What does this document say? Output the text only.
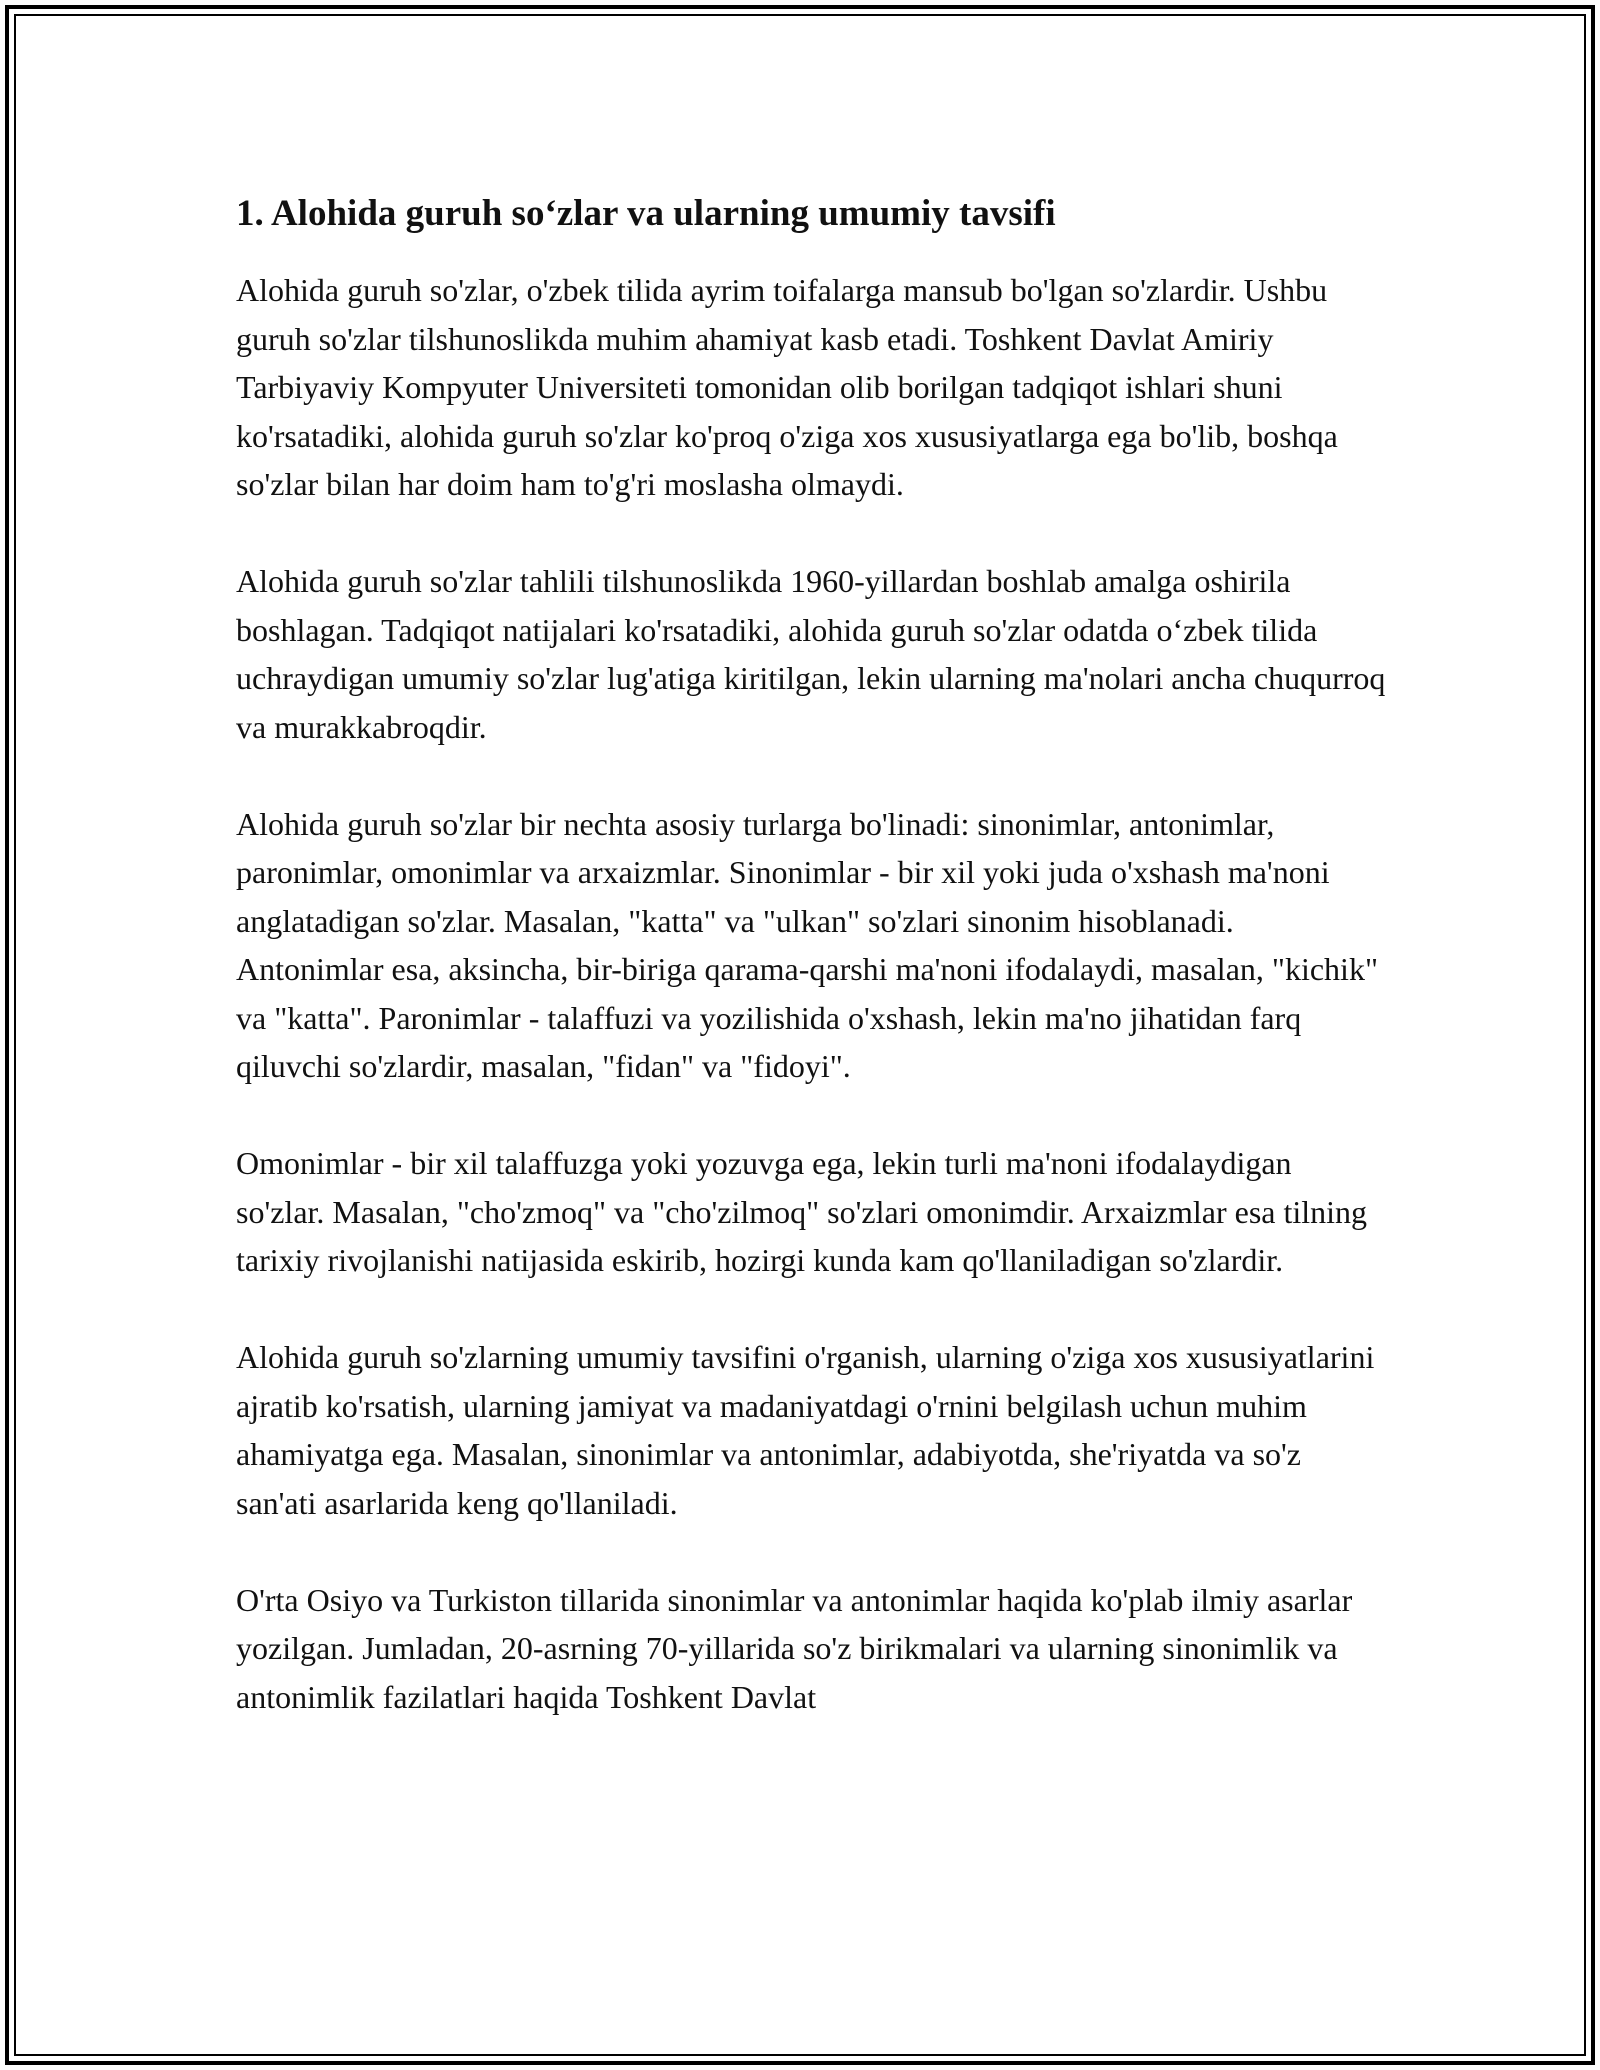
1. Alohida guruh so‘zlar va ularning umumiy tavsifi

Alohida guruh so'zlar, o'zbek tilida ayrim toifalarga mansub bo'lgan so'zlardir. Ushbu guruh so'zlar tilshunoslikda muhim ahamiyat kasb etadi. Toshkent Davlat Amiriy Tarbiyaviy Kompyuter Universiteti tomonidan olib borilgan tadqiqot ishlari shuni ko'rsatadiki, alohida guruh so'zlar ko'proq o'ziga xos xususiyatlarga ega bo'lib, boshqa so'zlar bilan har doim ham to'g'ri moslasha olmaydi.

Alohida guruh so'zlar tahlili tilshunoslikda 1960-yillardan boshlab amalga oshirila boshlagan. Tadqiqot natijalari ko'rsatadiki, alohida guruh so'zlar odatda o‘zbek tilida uchraydigan umumiy so'zlar lug'atiga kiritilgan, lekin ularning ma'nolari ancha chuqurroq va murakkabroqdir.

Alohida guruh so'zlar bir nechta asosiy turlarga bo'linadi: sinonimlar, antonimlar, paronimlar, omonimlar va arxaizmlar. Sinonimlar - bir xil yoki juda o'xshash ma'noni anglatadigan so'zlar. Masalan, "katta" va "ulkan" so'zlari sinonim hisoblanadi. Antonimlar esa, aksincha, bir-biriga qarama-qarshi ma'noni ifodalaydi, masalan, "kichik" va "katta". Paronimlar - talaffuzi va yozilishida o'xshash, lekin ma'no jihatidan farq qiluvchi so'zlardir, masalan, "fidan" va "fidoyi".

Omonimlar - bir xil talaffuzga yoki yozuvga ega, lekin turli ma'noni ifodalaydigan so'zlar. Masalan, "cho'zmoq" va "cho'zilmoq" so'zlari omonimdir. Arxaizmlar esa tilning tarixiy rivojlanishi natijasida eskirib, hozirgi kunda kam qo'llaniladigan so'zlardir.

Alohida guruh so'zlarning umumiy tavsifini o'rganish, ularning o'ziga xos xususiyatlarini ajratib ko'rsatish, ularning jamiyat va madaniyatdagi o'rnini belgilash uchun muhim ahamiyatga ega. Masalan, sinonimlar va antonimlar, adabiyotda, she'riyatda va so'z san'ati asarlarida keng qo'llaniladi.

O'rta Osiyo va Turkiston tillarida sinonimlar va antonimlar haqida ko'plab ilmiy asarlar yozilgan. Jumladan, 20-asrning 70-yillarida so'z birikmalari va ularning sinonimlik va antonimlik fazilatlari haqida Toshkent Davlat
